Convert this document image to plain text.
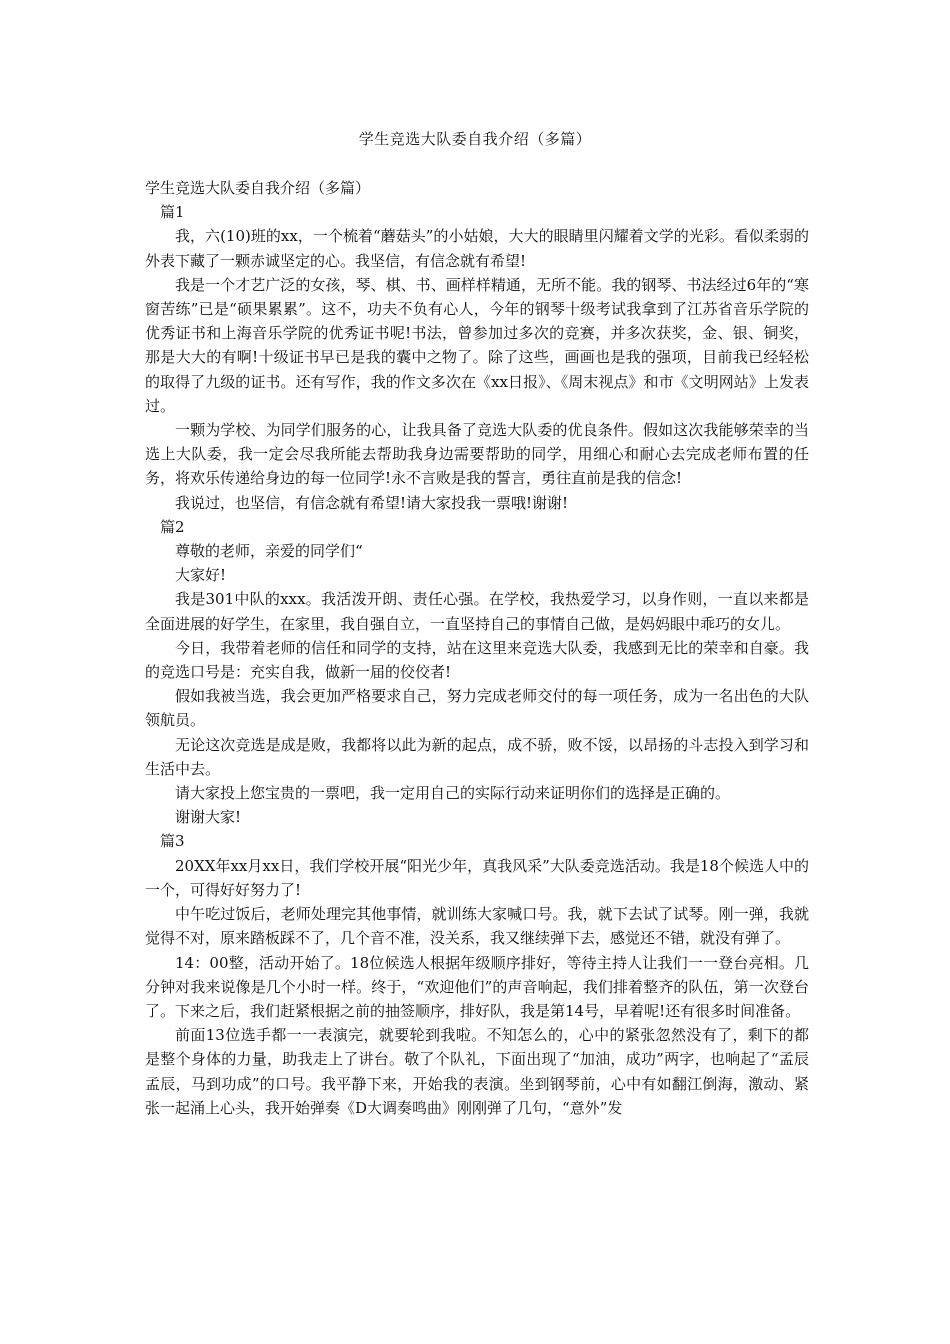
学生竞选大队委自我介绍（多篇）

学生竞选大队委自我介绍（多篇）

篇1

我，六(10)班的xx，一个梳着“蘑菇头”的小姑娘，大大的眼睛里闪耀着文学的光彩。看似柔弱的外表下藏了一颗赤诚坚定的心。我坚信，有信念就有希望!

我是一个才艺广泛的女孩，琴、棋、书、画样样精通，无所不能。我的钢琴、书法经过6年的“寒窗苦练”已是“硕果累累”。这不，功夫不负有心人，今年的钢琴十级考试我拿到了江苏省音乐学院的优秀证书和上海音乐学院的优秀证书呢!书法，曾参加过多次的竞赛，并多次获奖，金、银、铜奖，那是大大的有啊!十级证书早已是我的囊中之物了。除了这些，画画也是我的强项，目前我已经轻松的取得了九级的证书。还有写作，我的作文多次在《xx日报》、《周末视点》和市《文明网站》上发表过。

一颗为学校、为同学们服务的心，让我具备了竞选大队委的优良条件。假如这次我能够荣幸的当选上大队委，我一定会尽我所能去帮助我身边需要帮助的同学，用细心和耐心去完成老师布置的任务，将欢乐传递给身边的每一位同学!永不言败是我的誓言，勇往直前是我的信念!

我说过，也坚信，有信念就有希望!请大家投我一票哦!谢谢!

篇2

尊敬的老师，亲爱的同学们“

大家好!

我是301中队的xxx。我活泼开朗、责任心强。在学校，我热爱学习，以身作则，一直以来都是全面进展的好学生，在家里，我自强自立，一直坚持自己的事情自己做，是妈妈眼中乖巧的女儿。

今日，我带着老师的信任和同学的支持，站在这里来竞选大队委，我感到无比的荣幸和自豪。我的竞选口号是：充实自我，做新一届的佼佼者!

假如我被当选，我会更加严格要求自己，努力完成老师交付的每一项任务，成为一名出色的大队领航员。

无论这次竞选是成是败，我都将以此为新的起点，成不骄，败不馁，以昂扬的斗志投入到学习和生活中去。

请大家投上您宝贵的一票吧，我一定用自己的实际行动来证明你们的选择是正确的。

谢谢大家!

篇3

20XX年xx月xx日，我们学校开展“阳光少年，真我风采”大队委竞选活动。我是18个候选人中的一个，可得好好努力了!

中午吃过饭后，老师处理完其他事情，就训练大家喊口号。我，就下去试了试琴。刚一弹，我就觉得不对，原来踏板踩不了，几个音不准，没关系，我又继续弹下去，感觉还不错，就没有弹了。

14：00整，活动开始了。18位候选人根据年级顺序排好，等待主持人让我们一一登台亮相。几分钟对我来说像是几个小时一样。终于，“欢迎他们”的声音响起，我们排着整齐的队伍，第一次登台了。下来之后，我们赶紧根据之前的抽签顺序，排好队，我是第14号，早着呢!还有很多时间准备。

前面13位选手都一一表演完，就要轮到我啦。不知怎么的，心中的紧张忽然没有了，剩下的都是整个身体的力量，助我走上了讲台。敬了个队礼，下面出现了“加油，成功”两字，也响起了“孟辰孟辰，马到功成”的口号。我平静下来，开始我的表演。坐到钢琴前，心中有如翻江倒海，激动、紧张一起涌上心头，我开始弹奏《D大调奏鸣曲》刚刚弹了几句，“意外”发
